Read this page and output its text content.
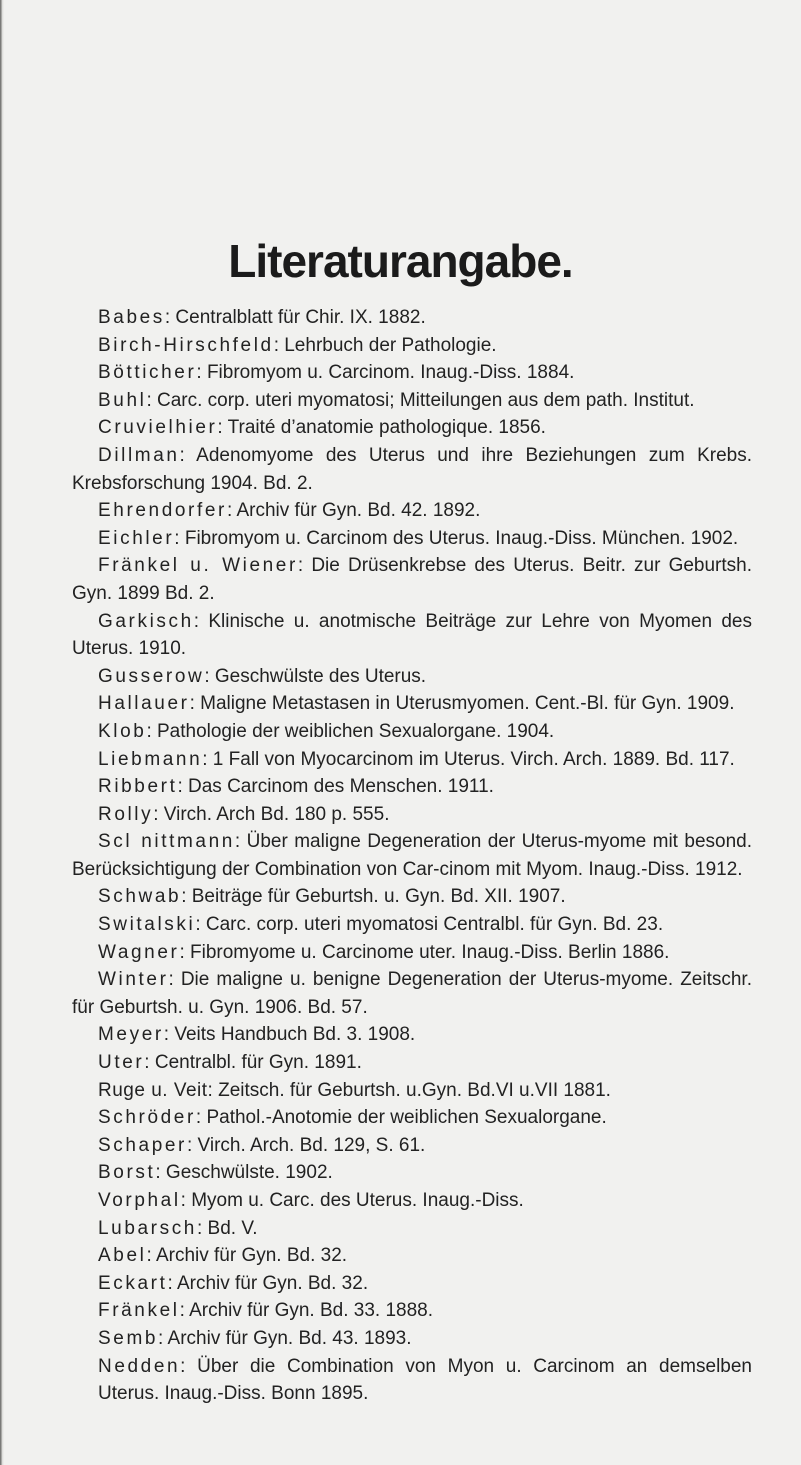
Literaturangabe.

Babes: Centralblatt für Chir. IX. 1882.

Birch-Hirschfeld: Lehrbuch der Pathologie.

Bötticher: Fibromyom u. Carcinom. Inaug.-Diss. 1884.

Buhl: Carc. corp. uteri myomatosi; Mitteilungen aus dem path. Institut.

Cruvielhier: Traité d’anatomie pathologique. 1856.

Dillman: Adenomyome des Uterus und ihre Beziehungen zum Krebs. Krebsforschung 1904. Bd. 2.

Ehrendorfer: Archiv für Gyn. Bd. 42. 1892.

Eichler: Fibromyom u. Carcinom des Uterus. Inaug.-Diss. München. 1902.

Fränkel u. Wiener: Die Drüsenkrebse des Uterus. Beitr. zur Geburtsh. Gyn. 1899 Bd. 2.

Garkisch: Klinische u. anotmische Beiträge zur Lehre von Myomen des Uterus. 1910.

Gusserow: Geschwülste des Uterus.

Hallauer: Maligne Metastasen in Uterusmyomen. Cent.-Bl. für Gyn. 1909.

Klob: Pathologie der weiblichen Sexualorgane. 1904.

Liebmann: 1 Fall von Myocarcinom im Uterus. Virch. Arch. 1889. Bd. 117.

Ribbert: Das Carcinom des Menschen. 1911.

Rolly: Virch. Arch Bd. 180 p. 555.

Scl nittmann: Über maligne Degeneration der Uterus-myome mit besond. Berücksichtigung der Combination von Car-cinom mit Myom. Inaug.-Diss. 1912.

Schwab: Beiträge für Geburtsh. u. Gyn. Bd. XII. 1907.

Switalski: Carc. corp. uteri myomatosi Centralbl. für Gyn. Bd. 23.

Wagner: Fibromyome u. Carcinome uter. Inaug.-Diss. Berlin 1886.

Winter: Die maligne u. benigne Degeneration der Uterus-myome. Zeitschr. für Geburtsh. u. Gyn. 1906. Bd. 57.

Meyer: Veits Handbuch Bd. 3. 1908.

Uter: Centralbl. für Gyn. 1891.

Ruge u. Veit: Zeitsch. für Geburtsh. u.Gyn. Bd.VI u.VII 1881.

Schröder: Pathol.-Anotomie der weiblichen Sexualorgane.

Schaper: Virch. Arch. Bd. 129, S. 61.

Borst: Geschwülste. 1902.

Vorphal: Myom u. Carc. des Uterus. Inaug.-Diss.

Lubarsch: Bd. V.

Abel: Archiv für Gyn. Bd. 32.

Eckart: Archiv für Gyn. Bd. 32.

Fränkel: Archiv für Gyn. Bd. 33. 1888.

Semb: Archiv für Gyn. Bd. 43. 1893.

Nedden: Über die Combination von Myon u. Carcinom an demselben Uterus. Inaug.-Diss. Bonn 1895.
